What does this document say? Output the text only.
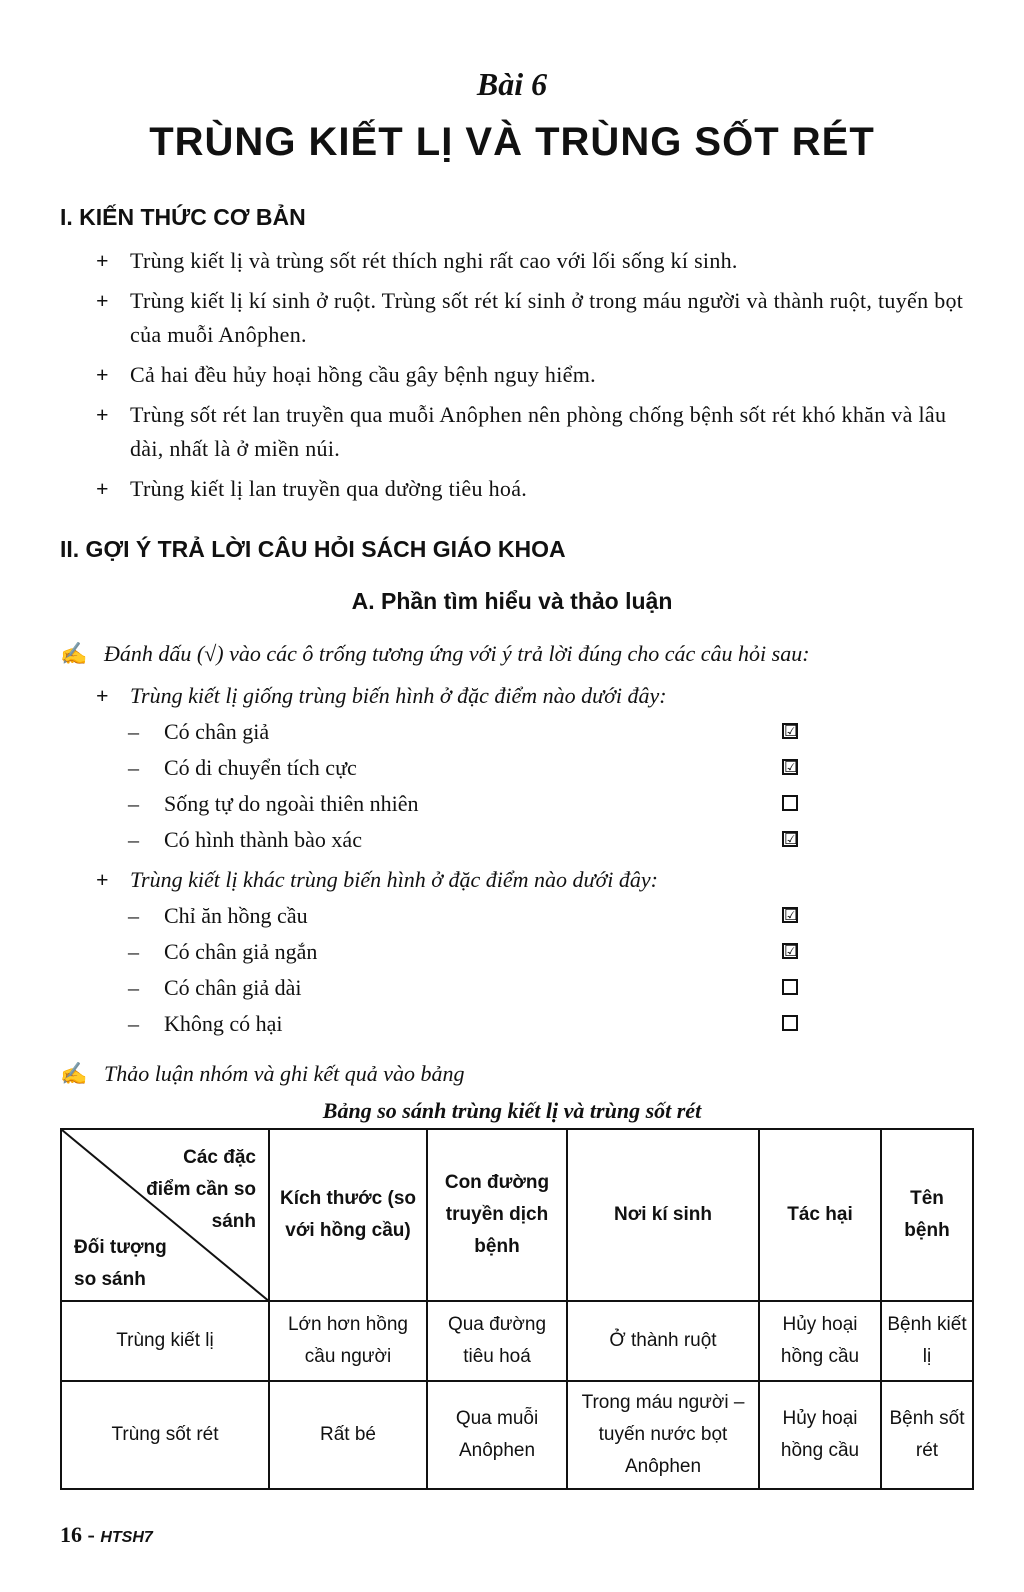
Bài 6
TRÙNG KIẾT LỊ VÀ TRÙNG SỐT RÉT
I. KIẾN THỨC CƠ BẢN
+ Trùng kiết lị và trùng sốt rét thích nghi rất cao với lối sống kí sinh.
+ Trùng kiết lị kí sinh ở ruột. Trùng sốt rét kí sinh ở trong máu người và thành ruột, tuyến bọt của muỗi Anôphen.
+ Cả hai đều hủy hoại hồng cầu gây bệnh nguy hiểm.
+ Trùng sốt rét lan truyền qua muỗi Anôphen nên phòng chống bệnh sốt rét khó khăn và lâu dài, nhất là ở miền núi.
+ Trùng kiết lị lan truyền qua dường tiêu hoá.
II. GỢI Ý TRẢ LỜI CÂU HỎI SÁCH GIÁO KHOA
A. Phần tìm hiểu và thảo luận
✍ Đánh dấu (√) vào các ô trống tương ứng với ý trả lời đúng cho các câu hỏi sau:
+ Trùng kiết lị giống trùng biến hình ở đặc điểm nào dưới đây:
– Có chân giả	☑
– Có di chuyển tích cực	☑
– Sống tự do ngoài thiên nhiên
– Có hình thành bào xác	☑
+ Trùng kiết lị khác trùng biến hình ở đặc điểm nào dưới đây:
– Chỉ ăn hồng cầu	☑
– Có chân giả ngắn	☑
– Có chân giả dài
– Không có hại
✍ Thảo luận nhóm và ghi kết quả vào bảng
Bảng so sánh trùng kiết lị và trùng sốt rét
Các đặc điểm cần so sánh
Đối tượng so sánh	Kích thước (so với hồng cầu)	Con đường truyền dịch bệnh	Nơi kí sinh	Tác hại	Tên bệnh
Trùng kiết lị	Lớn hơn hồng cầu người	Qua đường tiêu hoá	Ở thành ruột	Hủy hoại hồng cầu	Bệnh kiết lị
Trùng sốt rét	Rất bé	Qua muỗi Anôphen	Trong máu người – tuyến nước bọt Anôphen	Hủy hoại hồng cầu	Bệnh sốt rét
16 - HTSH7
